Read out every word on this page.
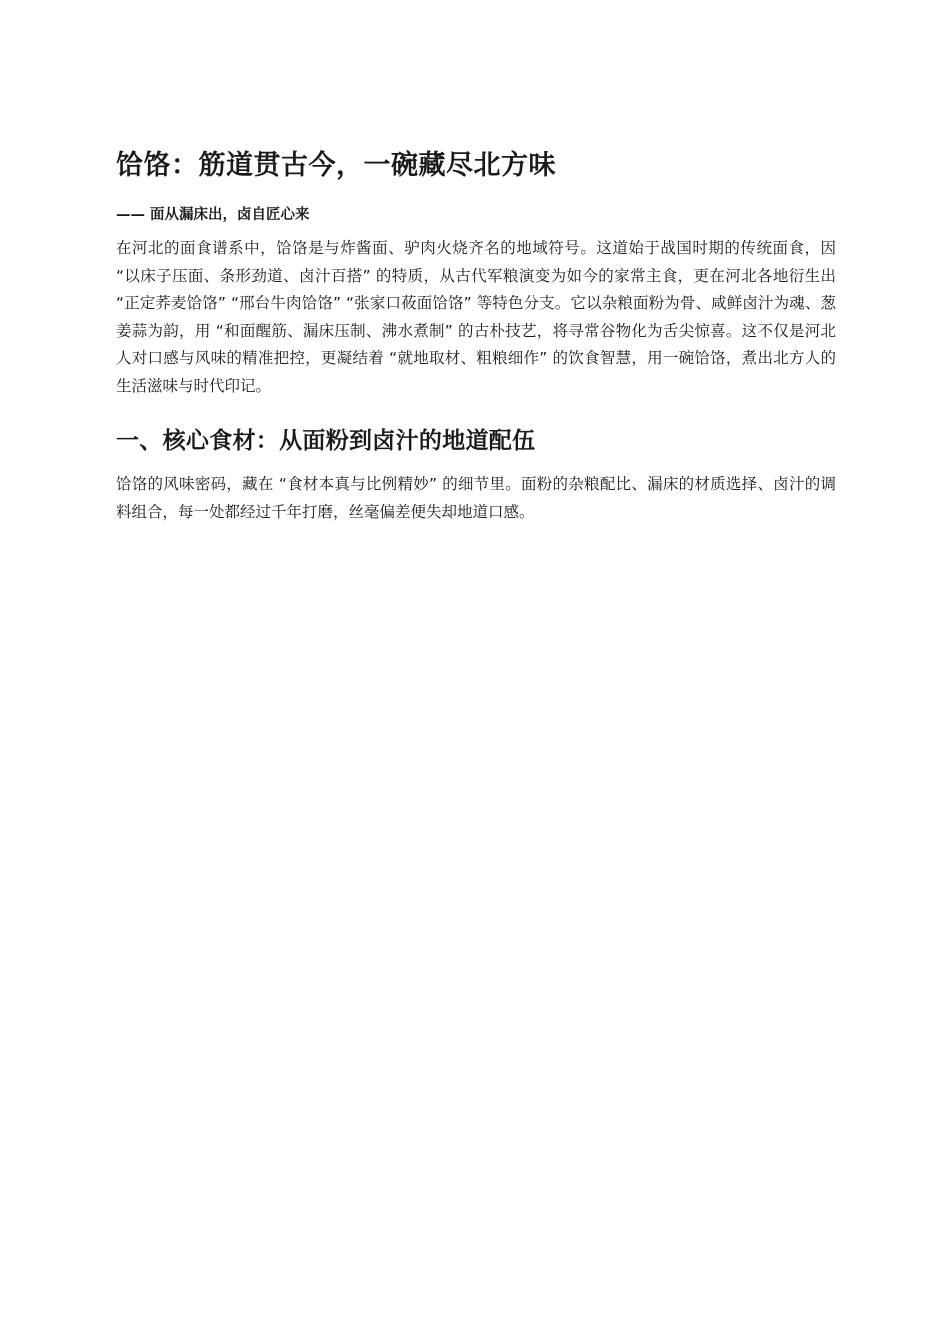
饸饹：筋道贯古今，一碗藏尽北方味

—— 面从漏床出，卤自匠心来

在河北的面食谱系中，饸饹是与炸酱面、驴肉火烧齐名的地域符号。这道始于战国时期的传统面食，因 “以床子压面、条形劲道、卤汁百搭” 的特质，从古代军粮演变为如今的家常主食，更在河北各地衍生出 “正定荞麦饸饹” “邢台牛肉饸饹” “张家口莜面饸饹” 等特色分支。它以杂粮面粉为骨、咸鲜卤汁为魂、葱姜蒜为韵，用 “和面醒筋、漏床压制、沸水煮制” 的古朴技艺，将寻常谷物化为舌尖惊喜。这不仅是河北人对口感与风味的精准把控，更凝结着 “就地取材、粗粮细作” 的饮食智慧，用一碗饸饹，煮出北方人的生活滋味与时代印记。

一、核心食材：从面粉到卤汁的地道配伍

饸饹的风味密码，藏在 “食材本真与比例精妙” 的细节里。面粉的杂粮配比、漏床的材质选择、卤汁的调料组合，每一处都经过千年打磨，丝毫偏差便失却地道口感。
